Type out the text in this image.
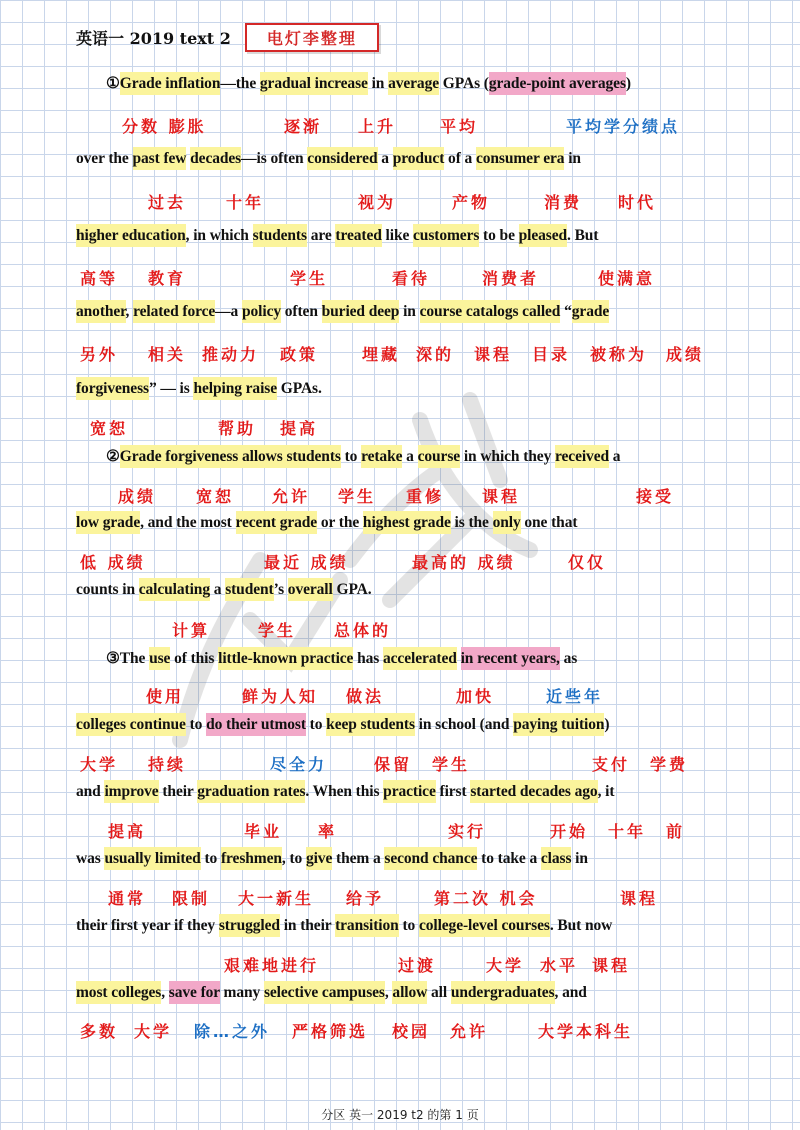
英语一 2019 text 2	电灯李整理
①Grade inflation—the gradual increase in average GPAs (grade-point averages)
over the past few decades—is often considered a product of a consumer era in
higher education, in which students are treated like customers to be pleased. But
another, related force—a policy often buried deep in course catalogs called “grade
forgiveness” — is helping raise GPAs.
②Grade forgiveness allows students to retake a course in which they received a
low grade, and the most recent grade or the highest grade is the only one that
counts in calculating a student’s overall GPA.
③The use of this little-known practice has accelerated in recent years, as
colleges continue to do their utmost to keep students in school (and paying tuition)
and improve their graduation rates. When this practice first started decades ago, it
was usually limited to freshmen, to give them a second chance to take a class in
their first year if they struggled in their transition to college-level courses. But now
most colleges, save for many selective campuses, allow all undergraduates, and
分数 膨胀	逐渐 上升	平均	平均学分绩点
过去 十年	视为	产物	消费 时代
高等 教育	学生	看待	消费者	使满意
另外 相关 推动力 政策	埋藏 深的 课程 目录 被称为 成绩
宽恕	帮助 提高
成绩 宽恕 允许 学生 重修 课程	接受
低 成绩	最近 成绩	最高的 成绩	仅仅
计算	学生 总体的
使用	鲜为人知 做法	加快	近些年
大学 持续	尽全力	保留 学生	支付 学费
提高	毕业 率	实行	开始 十年 前
通常 限制 大一新生 给予	第二次 机会	课程
艰难地进行	过渡	大学 水平 课程
多数 大学 除…之外 严格筛选 校园 允许	大学本科生
分区 英一 2019 t2 的第 1 页
